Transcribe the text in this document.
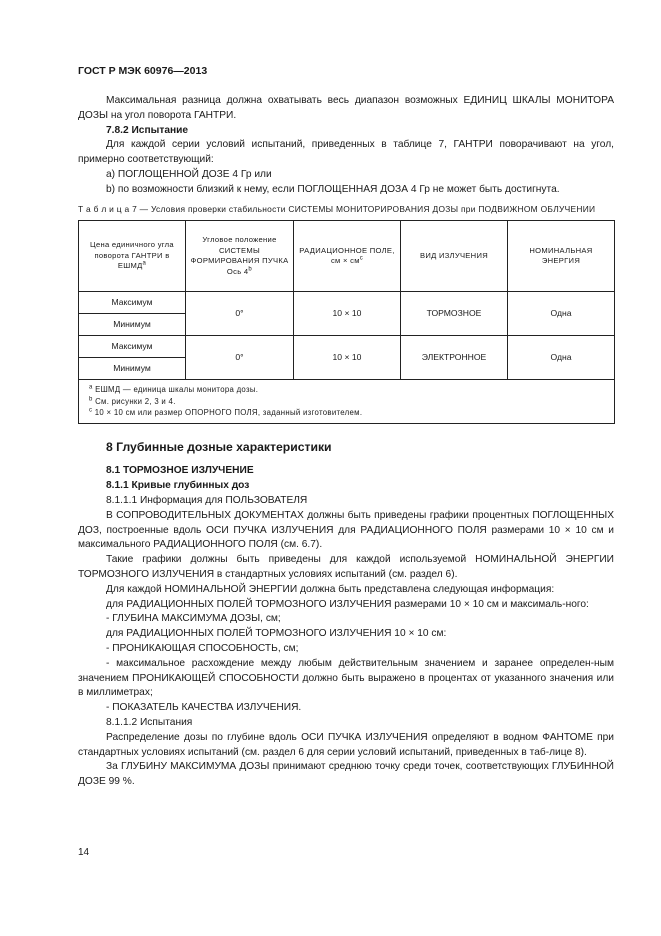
ГОСТ Р МЭК 60976—2013

Максимальная разница должна охватывать весь диапазон возможных ЕДИНИЦ ШКАЛЫ МОНИТОРА ДОЗЫ на угол поворота ГАНТРИ.

7.8.2 Испытание

Для каждой серии условий испытаний, приведенных в таблице 7, ГАНТРИ поворачивают на угол, примерно соответствующий:

а) ПОГЛОЩЕННОЙ ДОЗЕ 4 Гр или

b) по возможности близкий к нему, если ПОГЛОЩЕННАЯ ДОЗА 4 Гр не может быть достигнута.

Т а б л и ц а 7 — Условия проверки стабильности СИСТЕМЫ МОНИТОРИРОВАНИЯ ДОЗЫ при ПОДВИЖНОМ ОБЛУЧЕНИИ
Цена единичного угла поворота ГАНТРИ в ЕШМД$^a$	Угловое положение СИСТЕМЫ ФОРМИРОВАНИЯ ПУЧКА Ось 4$^b$	РАДИАЦИОННОЕ ПОЛЕ, см × $см^c$	ВИД ИЗЛУЧЕНИЯ	НОМИНАЛЬНАЯ ЭНЕРГИЯ
Максимум	0°	10 × 10	ТОРМОЗНОЕ	Одна
Минимум				
Максимум	0°	10 × 10	ЭЛЕКТРОННОЕ	Одна
Минимум				

$^a$ ЕШМД — единица шкалы монитора дозы.
$^b$ См. рисунки 2, 3 и 4.
$^c$ 10 × 10 см или размер ОПОРНОГО ПОЛЯ, заданный изготовителем.				
8 Глубинные дозные характеристики

8.1 ТОРМОЗНОЕ ИЗЛУЧЕНИЕ

8.1.1 Кривые глубинных доз

8.1.1.1 Информация для ПОЛЬЗОВАТЕЛЯ

В СОПРОВОДИТЕЛЬНЫХ ДОКУМЕНТАХ должны быть приведены графики процентных ПОГЛОЩЕННЫХ ДОЗ, построенные вдоль ОСИ ПУЧКА ИЗЛУЧЕНИЯ для РАДИАЦИОННОГО ПОЛЯ размерами 10 × 10 см и максимального РАДИАЦИОННОГО ПОЛЯ (см. 6.7).

Такие графики должны быть приведены для каждой используемой НОМИНАЛЬНОЙ ЭНЕРГИИ ТОРМОЗНОГО ИЗЛУЧЕНИЯ в стандартных условиях испытаний (см. раздел 6).

Для каждой НОМИНАЛЬНОЙ ЭНЕРГИИ должна быть представлена следующая информация:

для РАДИАЦИОННЫХ ПОЛЕЙ ТОРМОЗНОГО ИЗЛУЧЕНИЯ размерами 10 × 10 см и максималь-ного:

- ГЛУБИНА МАКСИМУМА ДОЗЫ, см;

для РАДИАЦИОННЫХ ПОЛЕЙ ТОРМОЗНОГО ИЗЛУЧЕНИЯ 10 × 10 см:

- ПРОНИКАЮЩАЯ СПОСОБНОСТЬ, см;

- максимальное расхождение между любым действительным значением и заранее определен-ным значением ПРОНИКАЮЩЕЙ СПОСОБНОСТИ должно быть выражено в процентах от указанного значения или в миллиметрах;

- ПОКАЗАТЕЛЬ КАЧЕСТВА ИЗЛУЧЕНИЯ.

8.1.1.2 Испытания

Распределение дозы по глубине вдоль ОСИ ПУЧКА ИЗЛУЧЕНИЯ определяют в водном ФАНТОМЕ при стандартных условиях испытаний (см. раздел 6 для серии условий испытаний, приведенных в таб-лице 8).

За ГЛУБИНУ МАКСИМУМА ДОЗЫ принимают среднюю точку среди точек, соответствующих ГЛУБИННОЙ ДОЗЕ 99 %.

14
